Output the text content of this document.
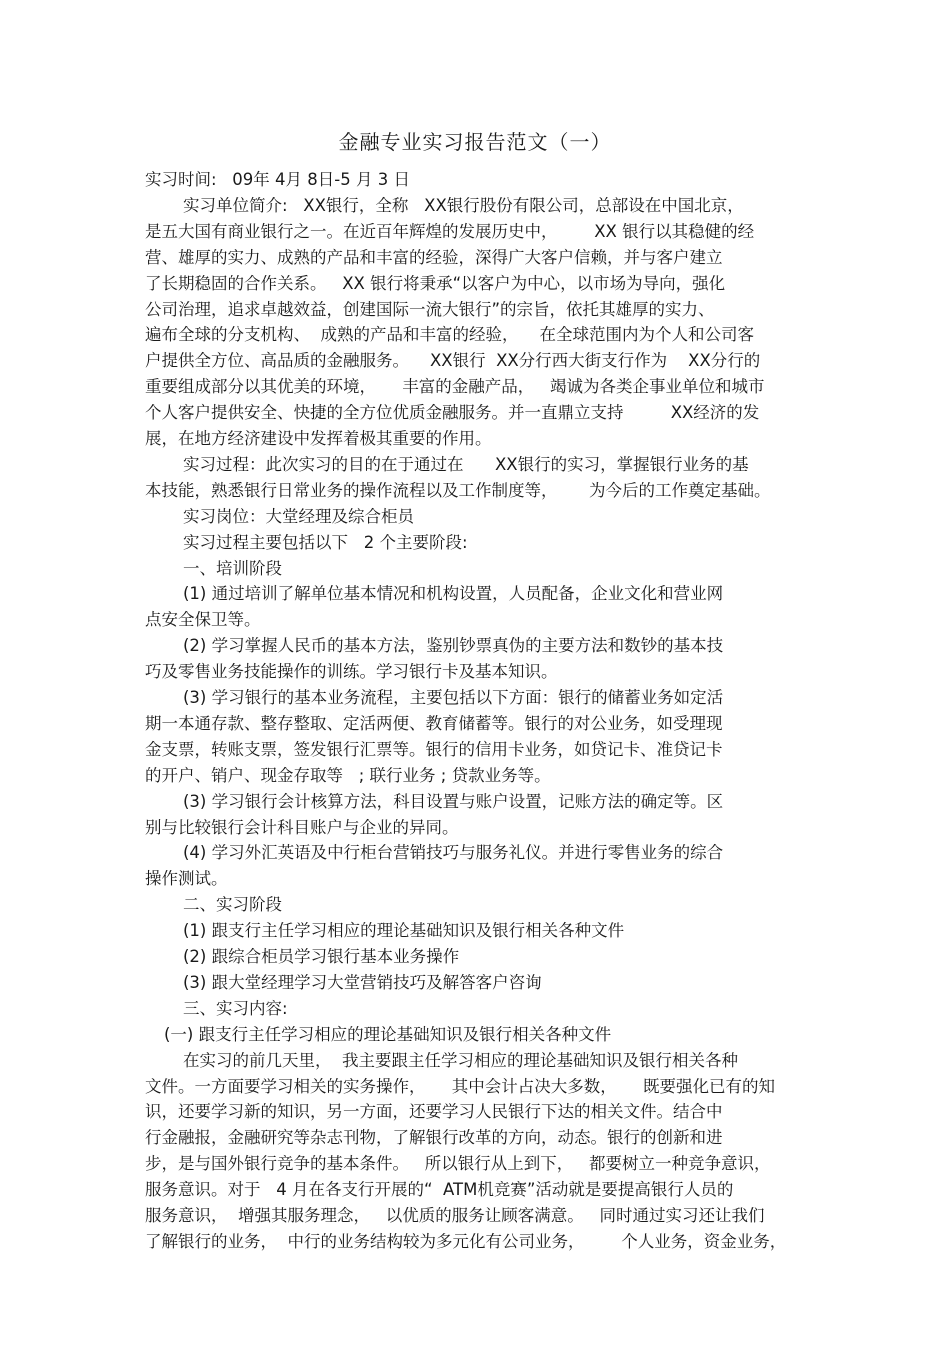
金融专业实习报告范文（一）
实习时间:   09年 4月 8日-5 月 3 日
实习单位简介:   XX银行，全称   XX银行股份有限公司，总部设在中国北京，
是五大国有商业银行之一。在近百年辉煌的发展历史中，       XX 银行以其稳健的经
营、雄厚的实力、成熟的产品和丰富的经验，深得广大客户信赖，并与客户建立
了长期稳固的合作关系。   XX 银行将秉承“以客户为中心，以市场为导向，强化
公司治理，追求卓越效益，创建国际一流大银行”的宗旨，依托其雄厚的实力、
遍布全球的分支机构、  成熟的产品和丰富的经验，    在全球范围内为个人和公司客
户提供全方位、高品质的金融服务。    XX银行  XX分行西大街支行作为    XX分行的
重要组成部分以其优美的环境，     丰富的金融产品，   竭诚为各类企事业单位和城市
个人客户提供安全、快捷的全方位优质金融服务。并一直鼎立支持         XX经济的发
展，在地方经济建设中发挥着极其重要的作用。
实习过程：此次实习的目的在于通过在      XX银行的实习，掌握银行业务的基
本技能，熟悉银行日常业务的操作流程以及工作制度等，      为今后的工作奠定基础。
实习岗位：大堂经理及综合柜员
实习过程主要包括以下   2 个主要阶段:
一、培训阶段
(1) 通过培训了解单位基本情况和机构设置，人员配备，企业文化和营业网
点安全保卫等。
(2) 学习掌握人民币的基本方法，鉴别钞票真伪的主要方法和数钞的基本技
巧及零售业务技能操作的训练。学习银行卡及基本知识。
(3) 学习银行的基本业务流程，主要包括以下方面：银行的储蓄业务如定活
期一本通存款、整存整取、定活两便、教育储蓄等。银行的对公业务，如受理现
金支票，转账支票，签发银行汇票等。银行的信用卡业务，如贷记卡、准贷记卡
的开户、销户、现金存取等   ; 联行业务 ; 贷款业务等。
(3) 学习银行会计核算方法，科目设置与账户设置，记账方法的确定等。区
别与比较银行会计科目账户与企业的异同。
(4) 学习外汇英语及中行柜台营销技巧与服务礼仪。并进行零售业务的综合
操作测试。
二、实习阶段
(1) 跟支行主任学习相应的理论基础知识及银行相关各种文件
(2) 跟综合柜员学习银行基本业务操作
(3) 跟大堂经理学习大堂营销技巧及解答客户咨询
三、实习内容:
(一) 跟支行主任学习相应的理论基础知识及银行相关各种文件
在实习的前几天里，  我主要跟主任学习相应的理论基础知识及银行相关各种
文件。一方面要学习相关的实务操作，     其中会计占决大多数，     既要强化已有的知
识，还要学习新的知识，另一方面，还要学习人民银行下达的相关文件。结合中
行金融报，金融研究等杂志刊物，了解银行改革的方向，动态。银行的创新和进
步，是与国外银行竞争的基本条件。   所以银行从上到下，   都要树立一种竞争意识，
服务意识。对于   4 月在各支行开展的“  ATM机竞赛”活动就是要提高银行人员的
服务意识，  增强其服务理念，   以优质的服务让顾客满意。   同时通过实习还让我们
了解银行的业务，  中行的业务结构较为多元化有公司业务，       个人业务，资金业务，
